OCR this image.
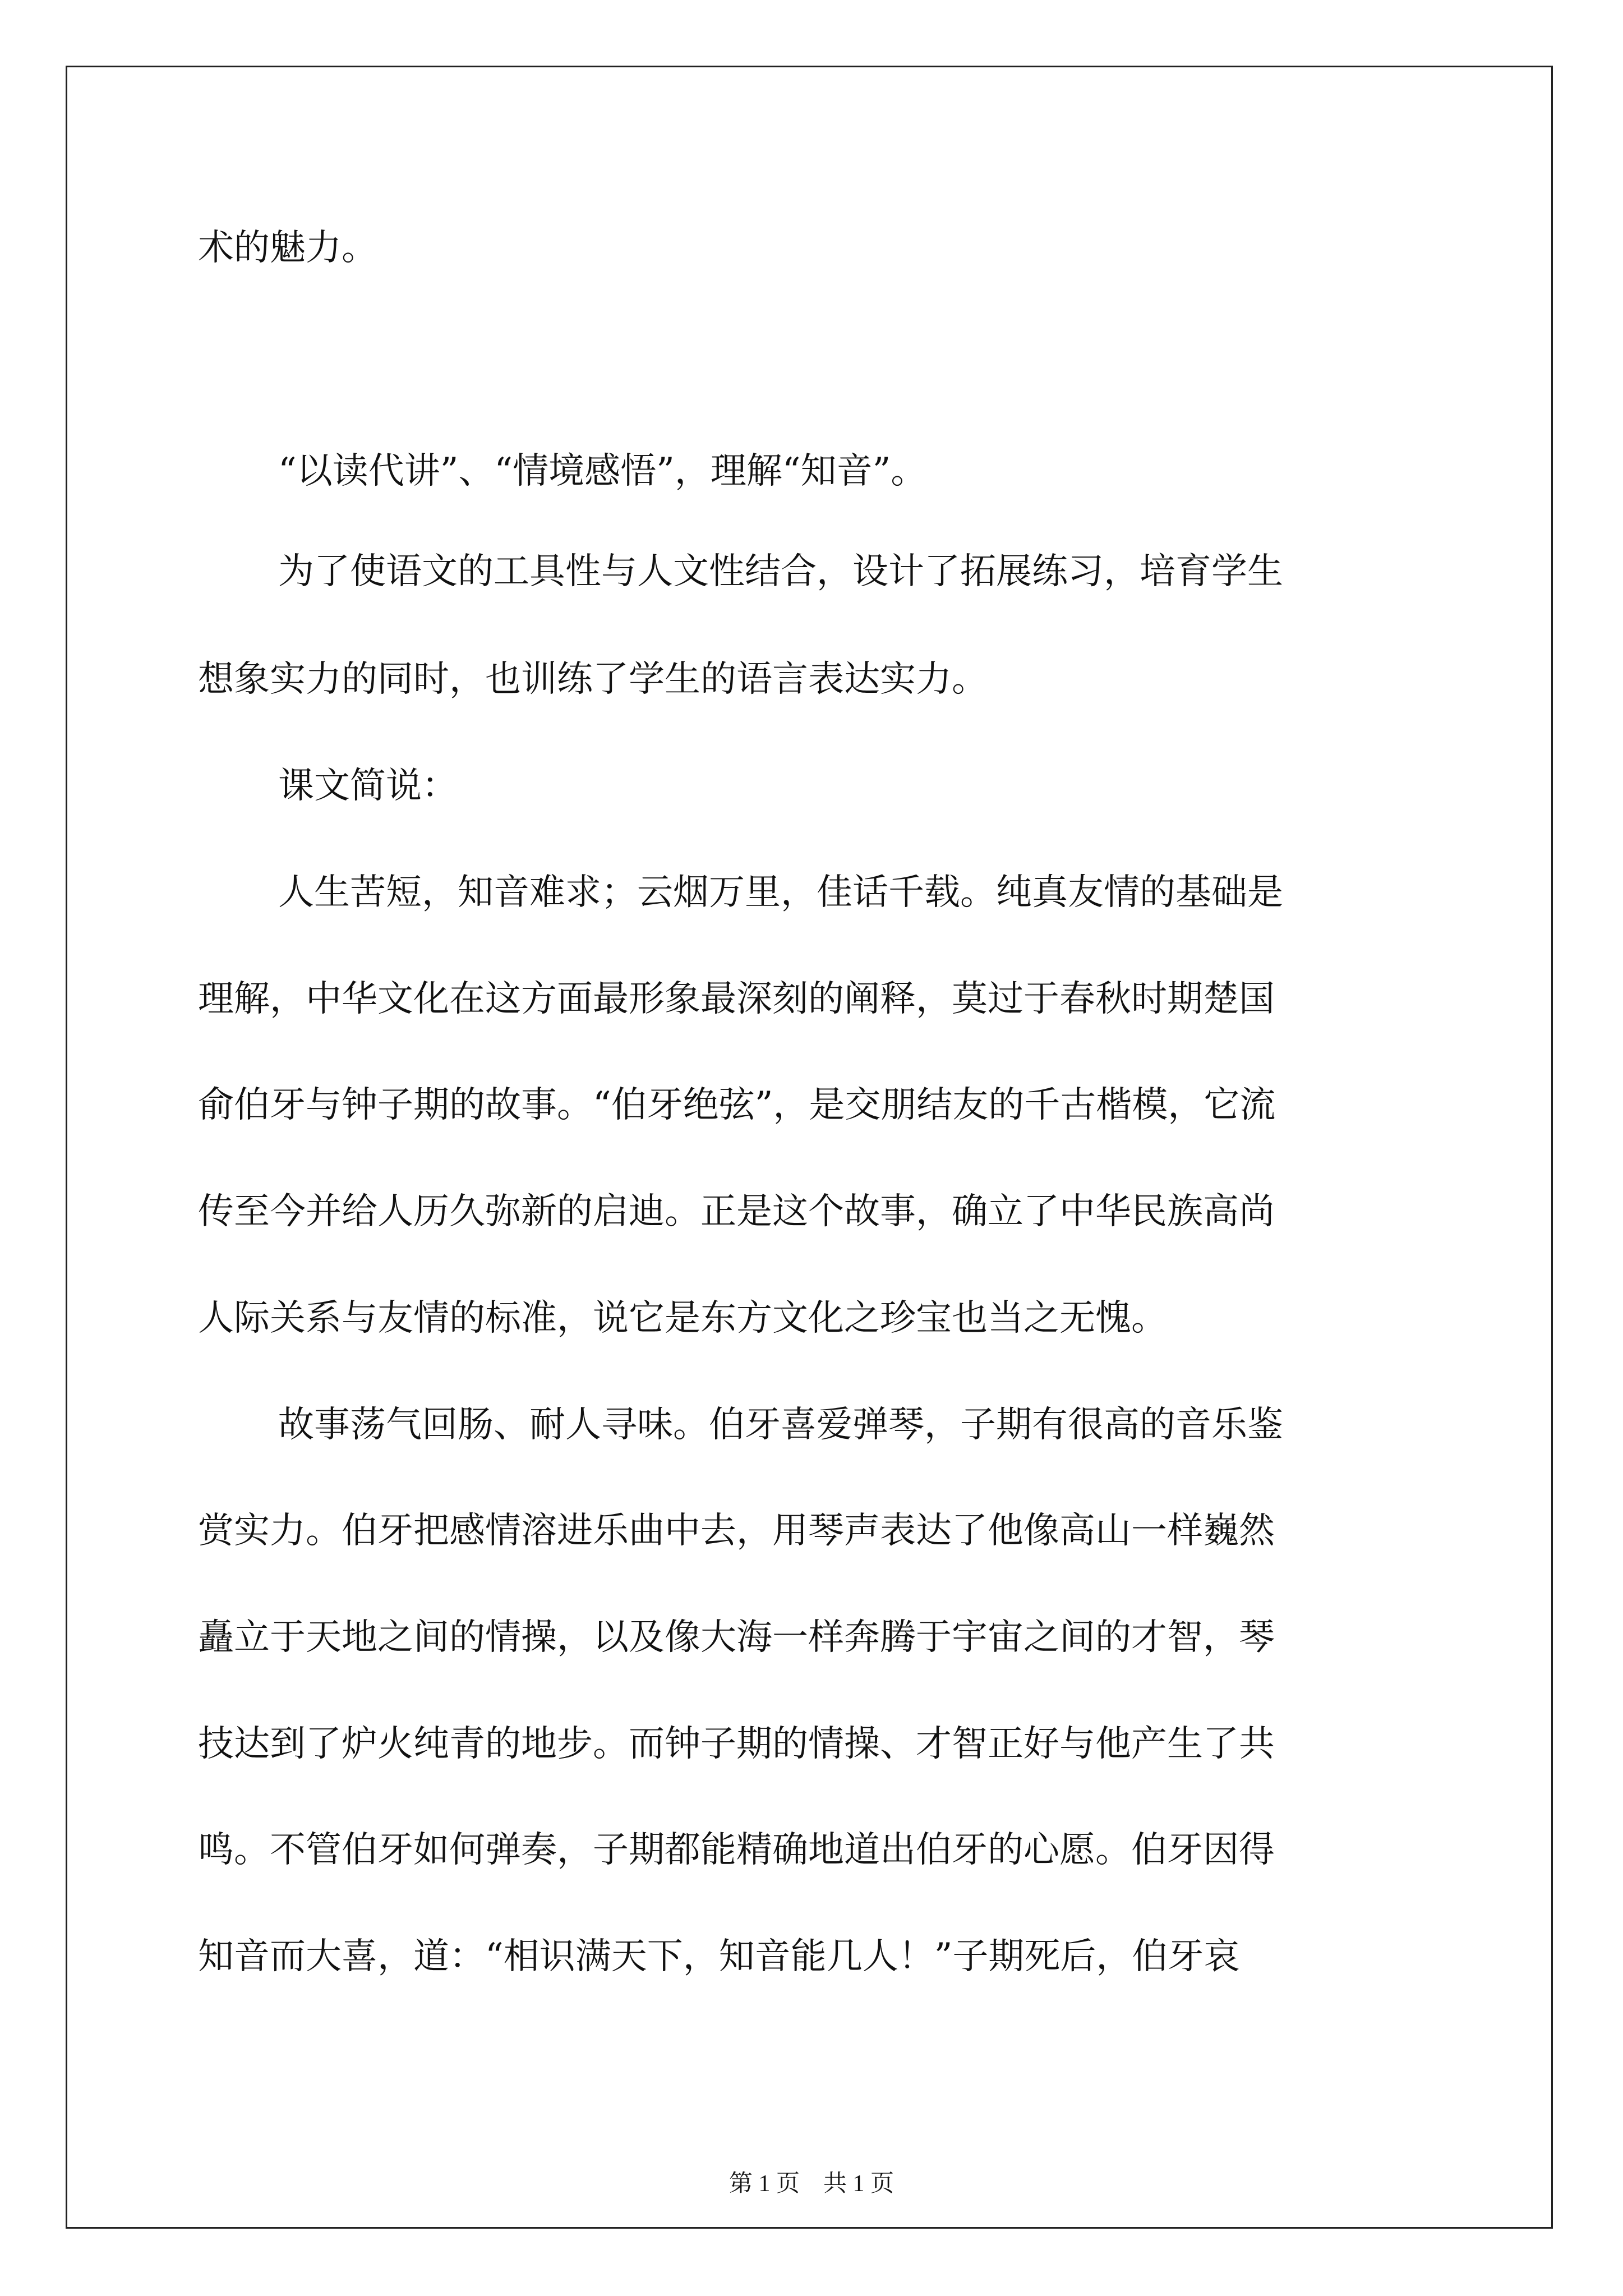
术的魅力。
“以读代讲”、“情境感悟”，理解“知音”。
为了使语文的工具性与人文性结合，设计了拓展练习，培育学生
想象实力的同时，也训练了学生的语言表达实力。
课文简说：
人生苦短，知音难求；云烟万里，佳话千载。纯真友情的基础是
理解，中华文化在这方面最形象最深刻的阐释，莫过于春秋时期楚国
俞伯牙与钟子期的故事。“伯牙绝弦”，是交朋结友的千古楷模，它流
传至今并给人历久弥新的启迪。正是这个故事，确立了中华民族高尚
人际关系与友情的标准，说它是东方文化之珍宝也当之无愧。
故事荡气回肠、耐人寻味。伯牙喜爱弹琴，子期有很高的音乐鉴
赏实力。伯牙把感情溶进乐曲中去，用琴声表达了他像高山一样巍然
矗立于天地之间的情操，以及像大海一样奔腾于宇宙之间的才智，琴
技达到了炉火纯青的地步。而钟子期的情操、才智正好与他产生了共
鸣。不管伯牙如何弹奏，子期都能精确地道出伯牙的心愿。伯牙因得
知音而大喜，道：“相识满天下，知音能几人！”子期死后，伯牙哀
第 1 页　共 1 页
